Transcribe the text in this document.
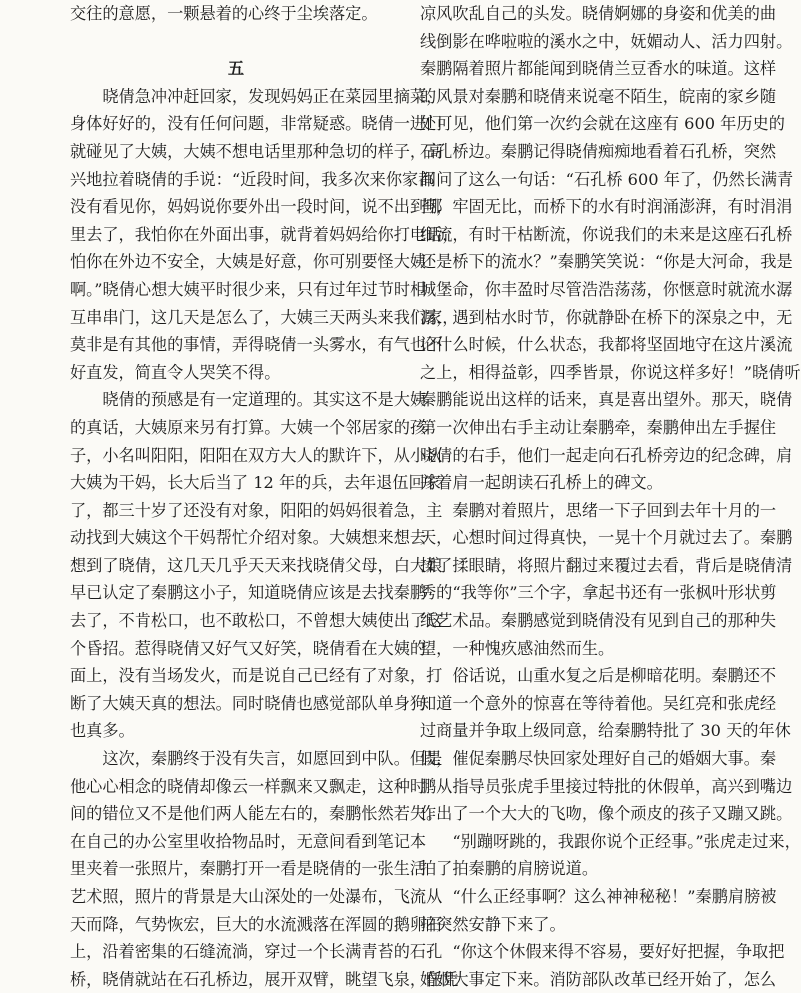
交往的意愿，一颗悬着的心终于尘埃落定。
五
　　晓倩急冲冲赶回家，发现妈妈正在菜园里摘菜，
身体好好的，没有任何问题，非常疑惑。晓倩一进门
就碰见了大姨，大姨不想电话里那种急切的样子，高
兴地拉着晓倩的手说：“近段时间，我多次来你家都
没有看见你，妈妈说你要外出一段时间，说不出到哪
里去了，我怕你在外面出事，就背着妈妈给你打电话，
怕你在外边不安全，大姨是好意，你可别要怪大姨
啊。”晓倩心想大姨平时很少来，只有过年过节时相
互串串门，这几天是怎么了，大姨三天两头来我们家，
莫非是有其他的事情，弄得晓倩一头雾水，有气也不
好直发，简直令人哭笑不得。
　　晓倩的预感是有一定道理的。其实这不是大姨
的真话，大姨原来另有打算。大姨一个邻居家的孩
子，小名叫阳阳，阳阳在双方大人的默许下，从小认
大姨为干妈，长大后当了 12 年的兵，去年退伍回家
了，都三十岁了还没有对象，阳阳的妈妈很着急，主
动找到大姨这个干妈帮忙介绍对象。大姨想来想去
想到了晓倩，这几天几乎天天来找晓倩父母，白大娘
早已认定了秦鹏这小子，知道晓倩应该是去找秦鹏
去了，不肯松口，也不敢松口，不曾想大姨使出了这
个昏招。惹得晓倩又好气又好笑，晓倩看在大姨的
面上，没有当场发火，而是说自己已经有了对象，打
断了大姨天真的想法。同时晓倩也感觉部队单身狗
也真多。
　　这次，秦鹏终于没有失言，如愿回到中队。但是
他心心相念的晓倩却像云一样飘来又飘走，这种时
间的错位又不是他们两人能左右的，秦鹏怅然若失。
在自己的办公室里收拾物品时，无意间看到笔记本
里夹着一张照片，秦鹏打开一看是晓倩的一张生活
艺术照，照片的背景是大山深处的一处瀑布，飞流从
天而降，气势恢宏，巨大的水流溅落在浑圆的鹅卵石
上，沿着密集的石缝流淌，穿过一个长满青苔的石孔
桥，晓倩就站在石孔桥边，展开双臂，眺望飞泉，任凭
凉风吹乱自己的头发。晓倩婀娜的身姿和优美的曲
线倒影在哗啦啦的溪水之中，妩媚动人、活力四射。
秦鹏隔着照片都能闻到晓倩兰豆香水的味道。这样
的风景对秦鹏和晓倩来说毫不陌生，皖南的家乡随
处可见，他们第一次约会就在这座有 600 年历史的
石孔桥边。秦鹏记得晓倩痴痴地看着石孔桥，突然
间问了这么一句话：“石孔桥 600 年了，仍然长满青
苔，牢固无比，而桥下的水有时润涌澎湃，有时涓涓
细流，有时干枯断流，你说我们的未来是这座石孔桥
还是桥下的流水？”秦鹏笑笑说：“你是大河命，我是
城堡命，你丰盈时尽管浩浩荡荡，你惬意时就流水潺
潺，遇到枯水时节，你就静卧在桥下的深泉之中，无
论什么时候，什么状态，我都将坚固地守在这片溪流
之上，相得益彰，四季皆景，你说这样多好！”晓倩听
秦鹏能说出这样的话来，真是喜出望外。那天，晓倩
第一次伸出右手主动让秦鹏牵，秦鹏伸出左手握住
晓倩的右手，他们一起走向石孔桥旁边的纪念碑，肩
并着肩一起朗读石孔桥上的碑文。
　　秦鹏对着照片，思绪一下子回到去年十月的一
天，心想时间过得真快，一晃十个月就过去了。秦鹏
揉了揉眼睛，将照片翻过来覆过去看，背后是晓倩清
秀的“我等你”三个字，拿起书还有一张枫叶形状剪
纸艺术品。秦鹏感觉到晓倩没有见到自己的那种失
望，一种愧疚感油然而生。
　　俗话说，山重水复之后是柳暗花明。秦鹏还不
知道一个意外的惊喜在等待着他。吴红亮和张虎经
过商量并争取上级同意，给秦鹏特批了 30 天的年休
假，催促秦鹏尽快回家处理好自己的婚姻大事。秦
鹏从指导员张虎手里接过特批的休假单，高兴到嘴边
作出了一个大大的飞吻，像个顽皮的孩子又蹦又跳。
　　“别蹦呀跳的，我跟你说个正经事。”张虎走过来，
拍了拍秦鹏的肩膀说道。
　　“什么正经事啊？这么神神秘秘！”秦鹏肩膀被
拍突然安静下来了。
　　“你这个休假来得不容易，要好好把握，争取把
婚姻大事定下来。消防部队改革已经开始了，怎么
